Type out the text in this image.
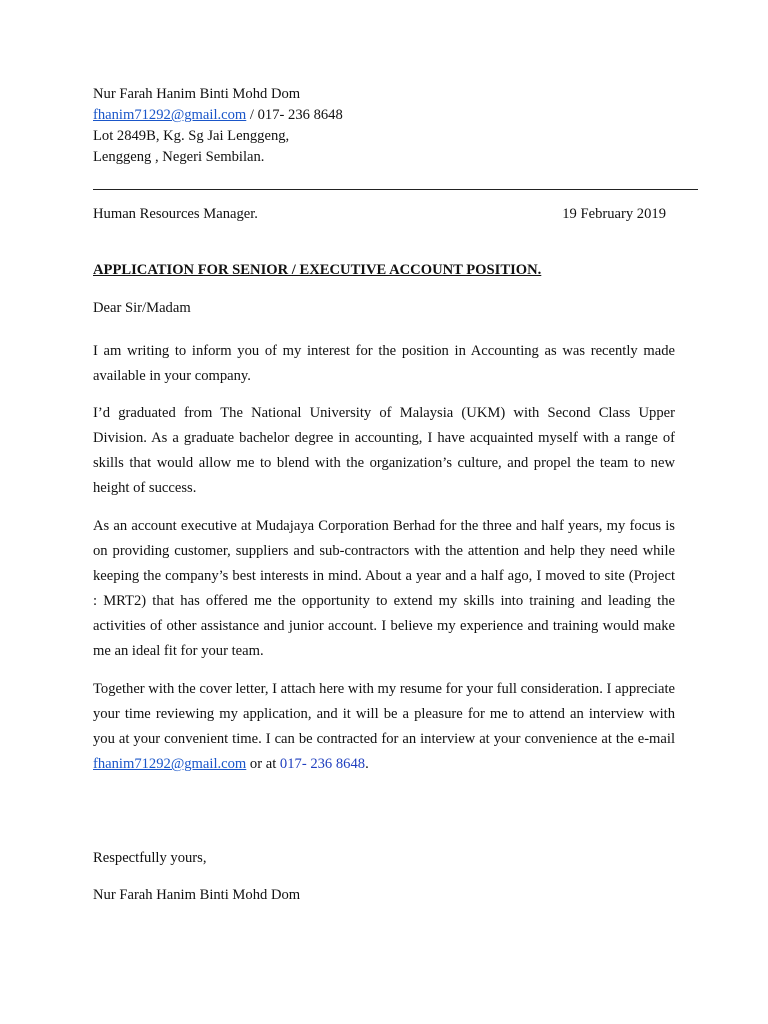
Nur Farah Hanim Binti Mohd Dom
fhanim71292@gmail.com / 017- 236 8648
Lot 2849B, Kg. Sg Jai Lenggeng,
Lenggeng , Negeri Sembilan.
Human Resources Manager.	19 February 2019
APPLICATION FOR SENIOR / EXECUTIVE ACCOUNT POSITION.
Dear Sir/Madam
I am writing to inform you of my interest for the position in Accounting as was recently made available in your company.
I’d graduated from The National University of Malaysia (UKM) with Second Class Upper Division. As a graduate bachelor degree in accounting, I have acquainted myself with a range of skills that would allow me to blend with the organization’s culture, and propel the team to new height of success.
As an account executive at Mudajaya Corporation Berhad for the three and half years, my focus is on providing customer, suppliers and sub-contractors with the attention and help they need while keeping the company’s best interests in mind. About a year and a half ago, I moved to site (Project : MRT2) that has offered me the opportunity to extend my skills into training and leading the activities of other assistance and junior account. I believe my experience and training would make me an ideal fit for your team.
Together with the cover letter, I attach here with my resume for your full consideration. I appreciate your time reviewing my application, and it will be a pleasure for me to attend an interview with you at your convenient time. I can be contracted for an interview at your convenience at the e-mail fhanim71292@gmail.com or at 017- 236 8648.
Respectfully yours,
Nur Farah Hanim Binti Mohd Dom
